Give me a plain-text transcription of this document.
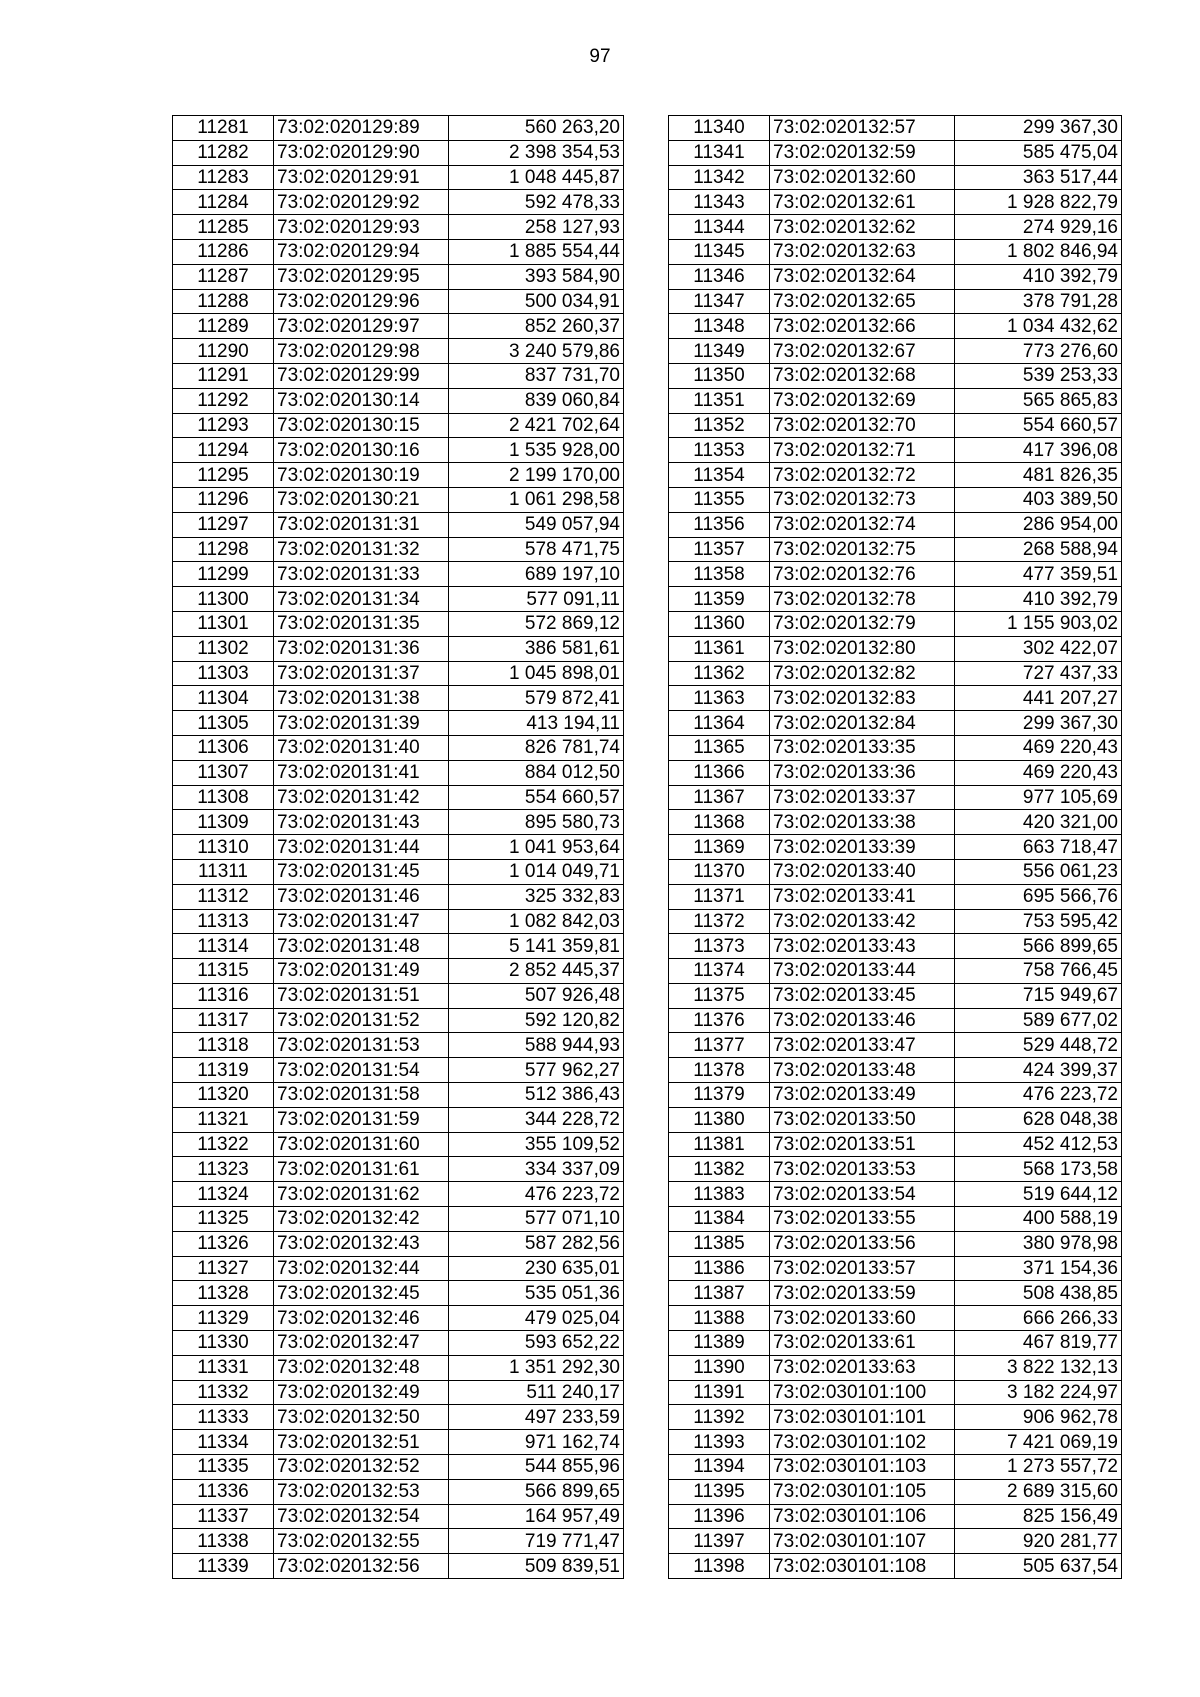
97
11281	73:02:020129:89	560 263,20
11282	73:02:020129:90	2 398 354,53
11283	73:02:020129:91	1 048 445,87
11284	73:02:020129:92	592 478,33
11285	73:02:020129:93	258 127,93
11286	73:02:020129:94	1 885 554,44
11287	73:02:020129:95	393 584,90
11288	73:02:020129:96	500 034,91
11289	73:02:020129:97	852 260,37
11290	73:02:020129:98	3 240 579,86
11291	73:02:020129:99	837 731,70
11292	73:02:020130:14	839 060,84
11293	73:02:020130:15	2 421 702,64
11294	73:02:020130:16	1 535 928,00
11295	73:02:020130:19	2 199 170,00
11296	73:02:020130:21	1 061 298,58
11297	73:02:020131:31	549 057,94
11298	73:02:020131:32	578 471,75
11299	73:02:020131:33	689 197,10
11300	73:02:020131:34	577 091,11
11301	73:02:020131:35	572 869,12
11302	73:02:020131:36	386 581,61
11303	73:02:020131:37	1 045 898,01
11304	73:02:020131:38	579 872,41
11305	73:02:020131:39	413 194,11
11306	73:02:020131:40	826 781,74
11307	73:02:020131:41	884 012,50
11308	73:02:020131:42	554 660,57
11309	73:02:020131:43	895 580,73
11310	73:02:020131:44	1 041 953,64
11311	73:02:020131:45	1 014 049,71
11312	73:02:020131:46	325 332,83
11313	73:02:020131:47	1 082 842,03
11314	73:02:020131:48	5 141 359,81
11315	73:02:020131:49	2 852 445,37
11316	73:02:020131:51	507 926,48
11317	73:02:020131:52	592 120,82
11318	73:02:020131:53	588 944,93
11319	73:02:020131:54	577 962,27
11320	73:02:020131:58	512 386,43
11321	73:02:020131:59	344 228,72
11322	73:02:020131:60	355 109,52
11323	73:02:020131:61	334 337,09
11324	73:02:020131:62	476 223,72
11325	73:02:020132:42	577 071,10
11326	73:02:020132:43	587 282,56
11327	73:02:020132:44	230 635,01
11328	73:02:020132:45	535 051,36
11329	73:02:020132:46	479 025,04
11330	73:02:020132:47	593 652,22
11331	73:02:020132:48	1 351 292,30
11332	73:02:020132:49	511 240,17
11333	73:02:020132:50	497 233,59
11334	73:02:020132:51	971 162,74
11335	73:02:020132:52	544 855,96
11336	73:02:020132:53	566 899,65
11337	73:02:020132:54	164 957,49
11338	73:02:020132:55	719 771,47
11339	73:02:020132:56	509 839,51
11340	73:02:020132:57	299 367,30
11341	73:02:020132:59	585 475,04
11342	73:02:020132:60	363 517,44
11343	73:02:020132:61	1 928 822,79
11344	73:02:020132:62	274 929,16
11345	73:02:020132:63	1 802 846,94
11346	73:02:020132:64	410 392,79
11347	73:02:020132:65	378 791,28
11348	73:02:020132:66	1 034 432,62
11349	73:02:020132:67	773 276,60
11350	73:02:020132:68	539 253,33
11351	73:02:020132:69	565 865,83
11352	73:02:020132:70	554 660,57
11353	73:02:020132:71	417 396,08
11354	73:02:020132:72	481 826,35
11355	73:02:020132:73	403 389,50
11356	73:02:020132:74	286 954,00
11357	73:02:020132:75	268 588,94
11358	73:02:020132:76	477 359,51
11359	73:02:020132:78	410 392,79
11360	73:02:020132:79	1 155 903,02
11361	73:02:020132:80	302 422,07
11362	73:02:020132:82	727 437,33
11363	73:02:020132:83	441 207,27
11364	73:02:020132:84	299 367,30
11365	73:02:020133:35	469 220,43
11366	73:02:020133:36	469 220,43
11367	73:02:020133:37	977 105,69
11368	73:02:020133:38	420 321,00
11369	73:02:020133:39	663 718,47
11370	73:02:020133:40	556 061,23
11371	73:02:020133:41	695 566,76
11372	73:02:020133:42	753 595,42
11373	73:02:020133:43	566 899,65
11374	73:02:020133:44	758 766,45
11375	73:02:020133:45	715 949,67
11376	73:02:020133:46	589 677,02
11377	73:02:020133:47	529 448,72
11378	73:02:020133:48	424 399,37
11379	73:02:020133:49	476 223,72
11380	73:02:020133:50	628 048,38
11381	73:02:020133:51	452 412,53
11382	73:02:020133:53	568 173,58
11383	73:02:020133:54	519 644,12
11384	73:02:020133:55	400 588,19
11385	73:02:020133:56	380 978,98
11386	73:02:020133:57	371 154,36
11387	73:02:020133:59	508 438,85
11388	73:02:020133:60	666 266,33
11389	73:02:020133:61	467 819,77
11390	73:02:020133:63	3 822 132,13
11391	73:02:030101:100	3 182 224,97
11392	73:02:030101:101	906 962,78
11393	73:02:030101:102	7 421 069,19
11394	73:02:030101:103	1 273 557,72
11395	73:02:030101:105	2 689 315,60
11396	73:02:030101:106	825 156,49
11397	73:02:030101:107	920 281,77
11398	73:02:030101:108	505 637,54
